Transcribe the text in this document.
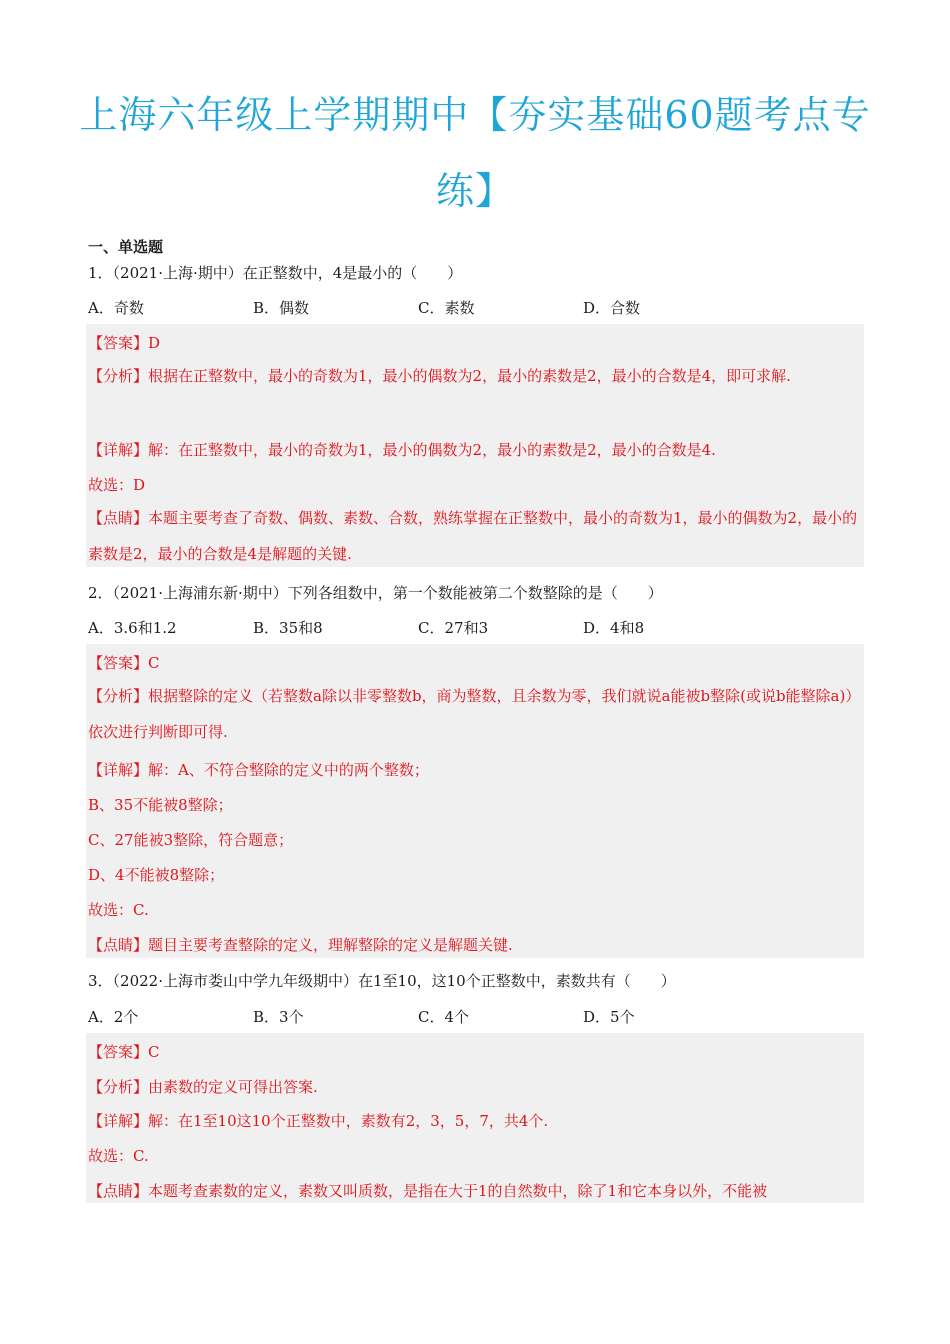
上海六年级上学期期中【夯实基础60题考点专
练】
一、单选题
1．（2021·上海·期中）在正整数中，4是最小的（　　）
A．奇数	B．偶数	C．素数	D．合数
【答案】D
【分析】根据在正整数中，最小的奇数为1，最小的偶数为2，最小的素数是2，最小的合数是4，即可求解.
【详解】解：在正整数中，最小的奇数为1，最小的偶数为2，最小的素数是2，最小的合数是4.
故选：D
【点睛】本题主要考查了奇数、偶数、素数、合数，熟练掌握在正整数中，最小的奇数为1，最小的偶数为2，最小的素数是2，最小的合数是4是解题的关键.
2．（2021·上海浦东新·期中）下列各组数中，第一个数能被第二个数整除的是（　　）
A．3.6和1.2	B．35和8	C．27和3	D．4和8
【答案】C
【分析】根据整除的定义（若整数a除以非零整数b，商为整数，且余数为零，我们就说a能被b整除(或说b能整除a)）依次进行判断即可得.
【详解】解：A、不符合整除的定义中的两个整数；
B、35不能被8整除；
C、27能被3整除，符合题意；
D、4不能被8整除；
故选：C.
【点睛】题目主要考查整除的定义，理解整除的定义是解题关键.
3．（2022·上海市娄山中学九年级期中）在1至10，这10个正整数中，素数共有（　　）
A．2个	B．3个	C．4个	D．5个
【答案】C
【分析】由素数的定义可得出答案.
【详解】解：在1至10这10个正整数中，素数有2，3，5，7，共4个.
故选：C.
【点睛】本题考查素数的定义，素数又叫质数，是指在大于1的自然数中，除了1和它本身以外，不能被
